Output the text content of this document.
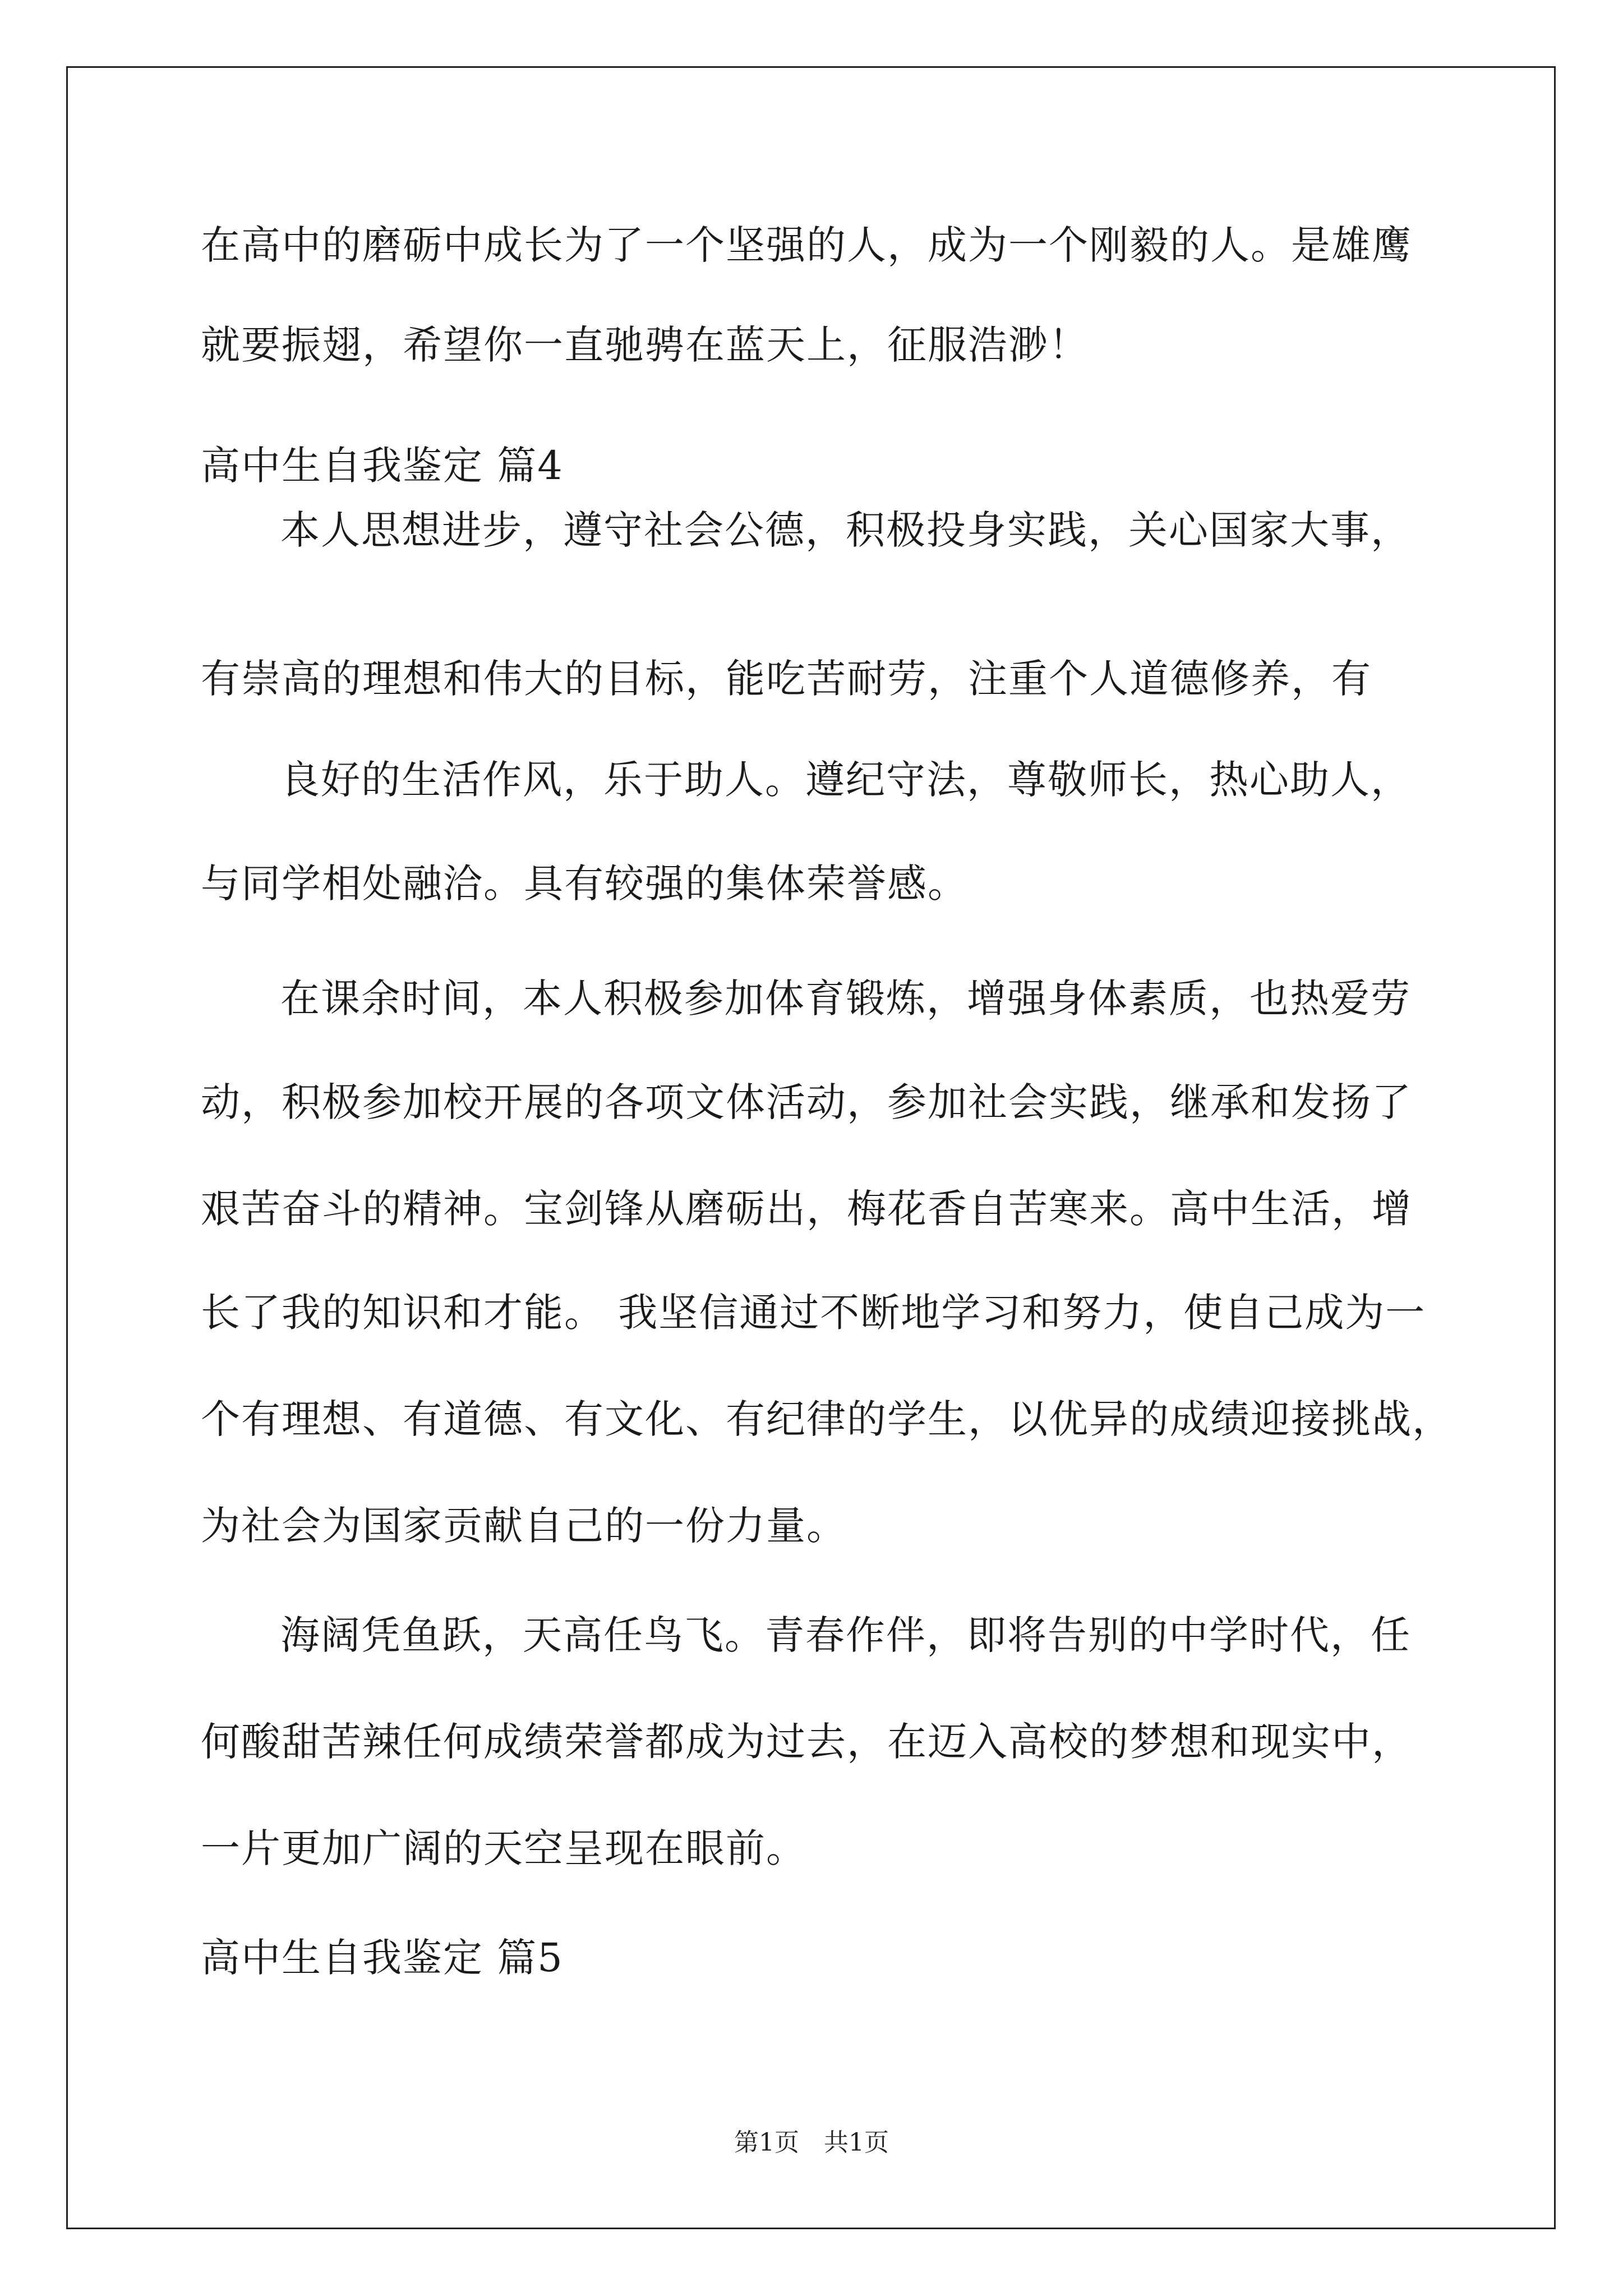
在高中的磨砺中成长为了一个坚强的人，成为一个刚毅的人。是雄鹰
就要振翅，希望你一直驰骋在蓝天上，征服浩渺！
高中生自我鉴定 篇4
本人思想进步，遵守社会公德，积极投身实践，关心国家大事，
有崇高的理想和伟大的目标，能吃苦耐劳，注重个人道德修养，有
良好的生活作风，乐于助人。遵纪守法，尊敬师长，热心助人，
与同学相处融洽。具有较强的集体荣誉感。
在课余时间，本人积极参加体育锻炼，增强身体素质，也热爱劳
动，积极参加校开展的各项文体活动，参加社会实践，继承和发扬了
艰苦奋斗的精神。宝剑锋从磨砺出，梅花香自苦寒来。高中生活，增
长了我的知识和才能。 我坚信通过不断地学习和努力，使自己成为一
个有理想、有道德、有文化、有纪律的学生，以优异的成绩迎接挑战，
为社会为国家贡献自己的一份力量。
海阔凭鱼跃，天高任鸟飞。青春作伴，即将告别的中学时代，任
何酸甜苦辣任何成绩荣誉都成为过去，在迈入高校的梦想和现实中，
一片更加广阔的天空呈现在眼前。
高中生自我鉴定 篇5
第1页　共1页
